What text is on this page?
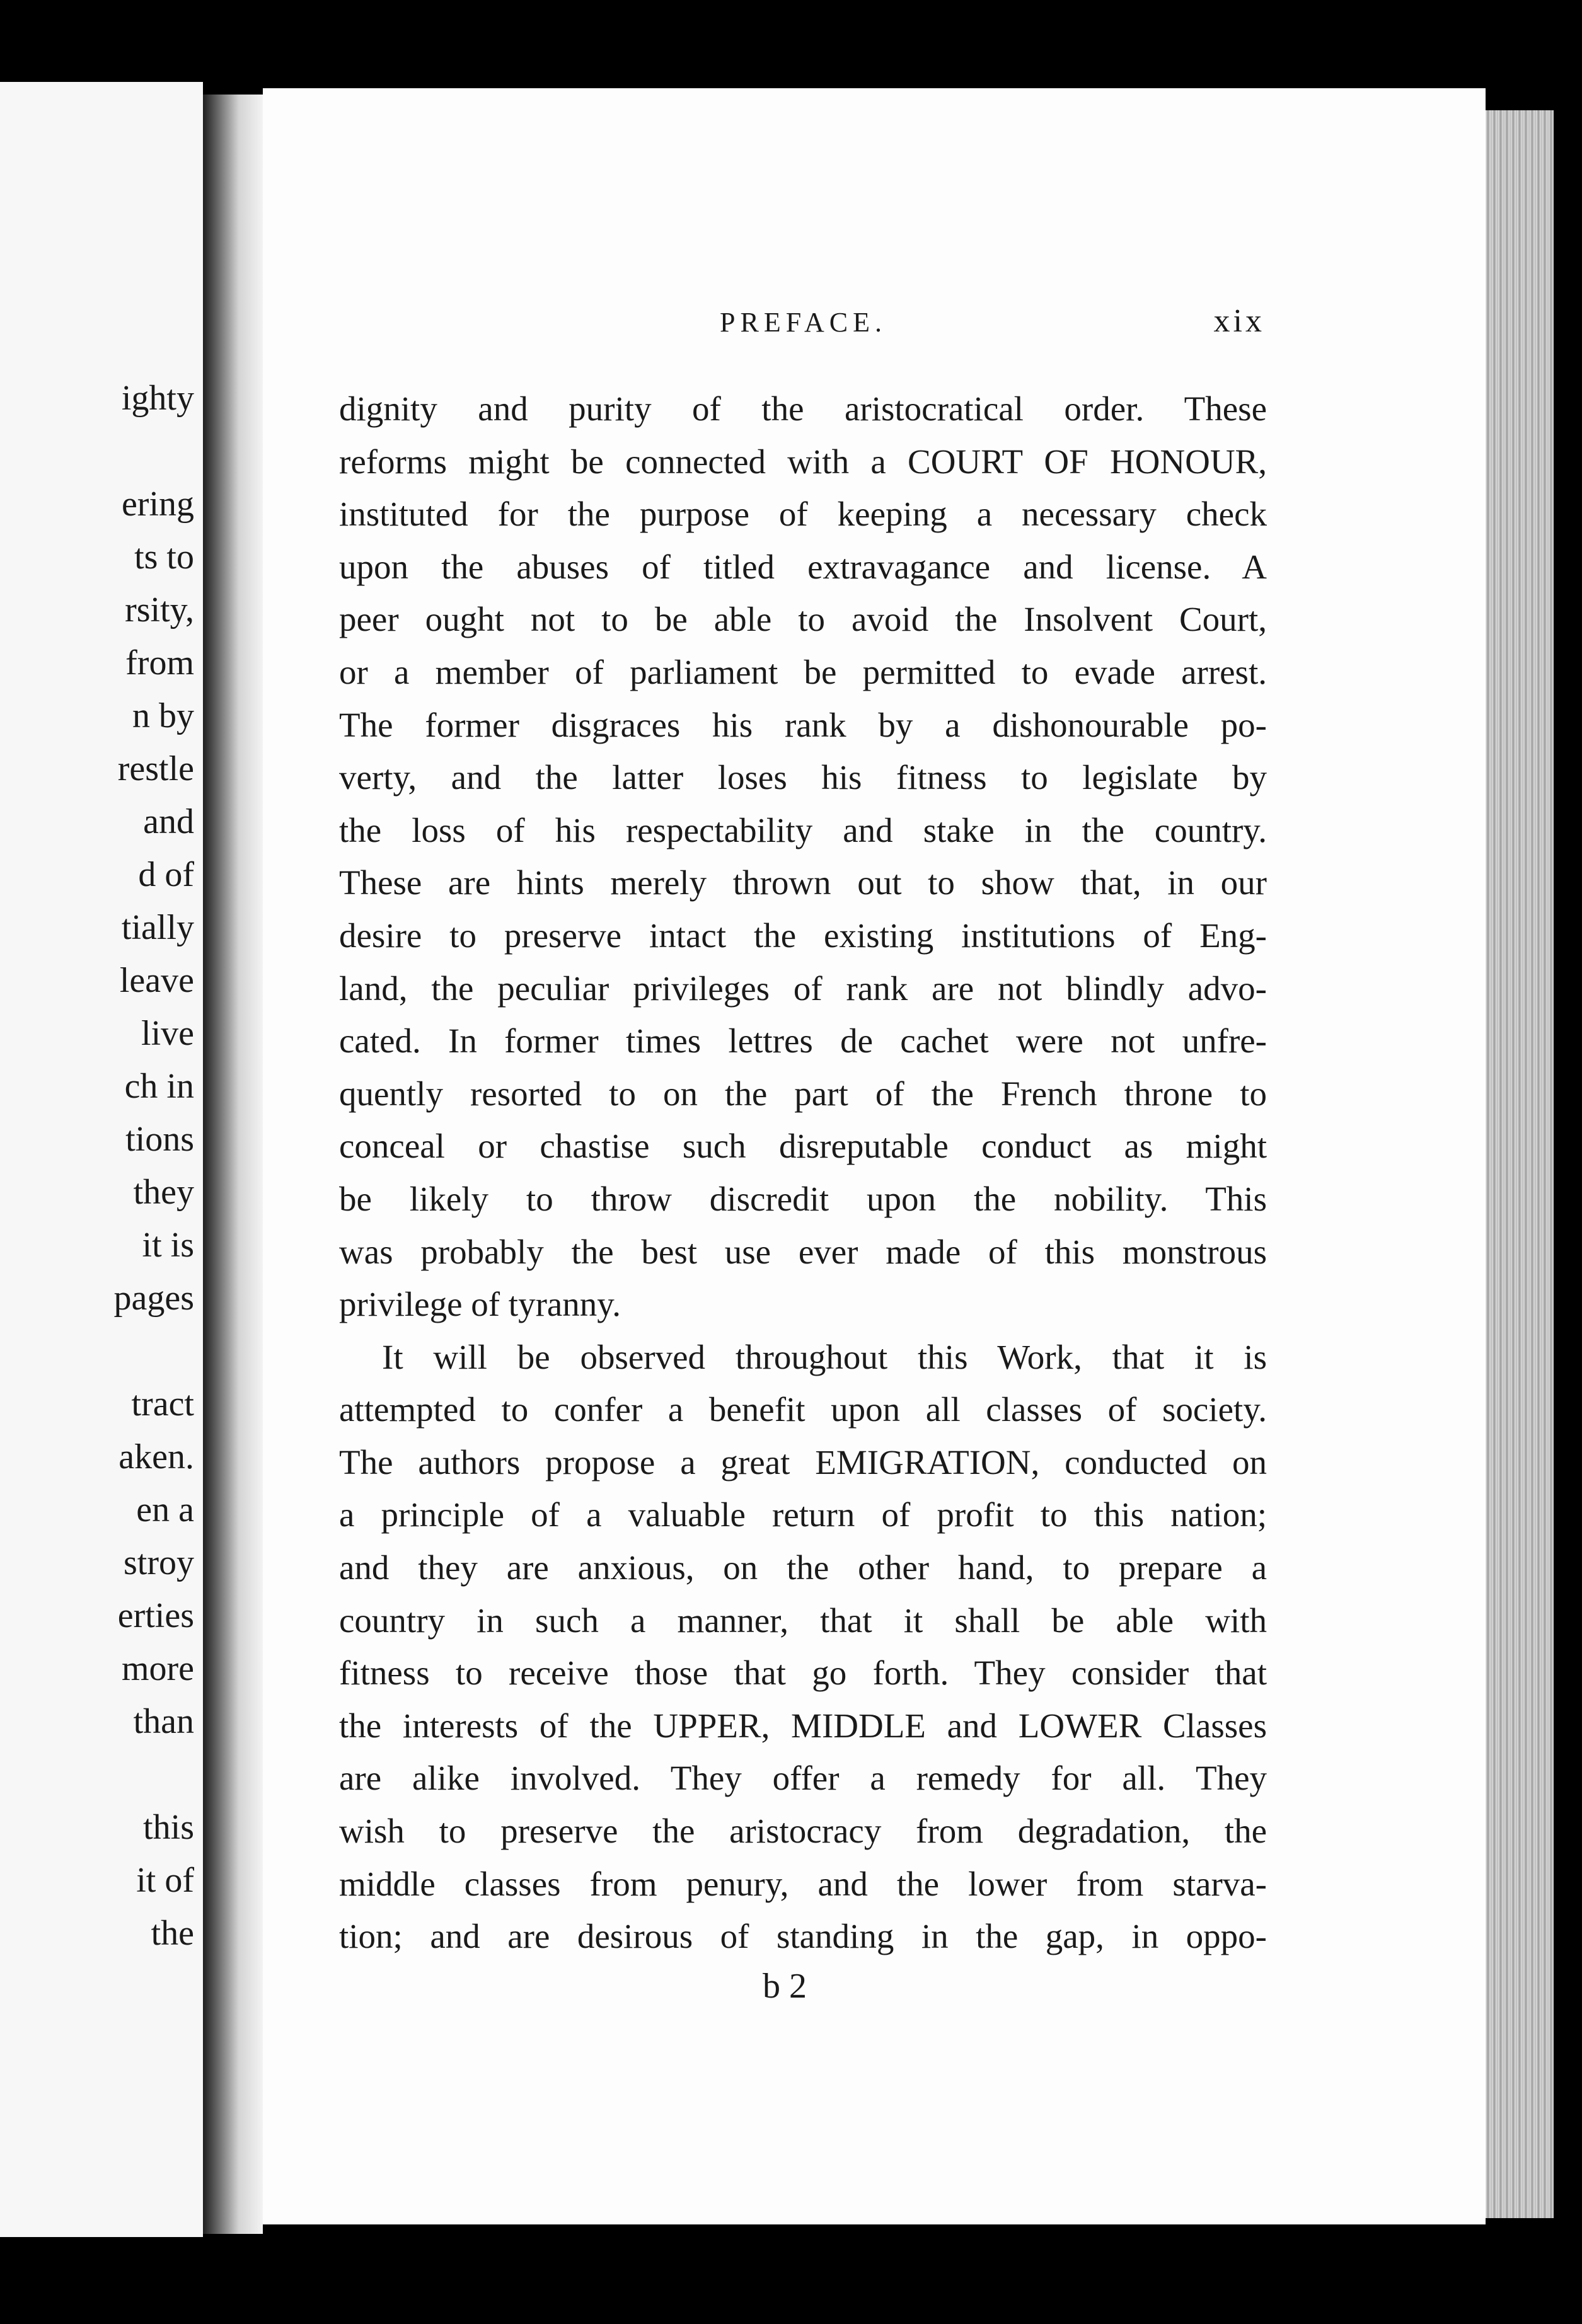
ighty
ering
ts to
rsity,
from
n by
restle
and
d of
tially
leave
live
ch in
tions
they
it is
pages
tract
aken.
en a
stroy
erties
more
than
this
it of
the
PREFACE.	xix
dignity and purity of the aristocratical order. These
reforms might be connected with a COURT OF HONOUR,
instituted for the purpose of keeping a necessary check
upon the abuses of titled extravagance and license. A
peer ought not to be able to avoid the Insolvent Court,
or a member of parliament be permitted to evade arrest.
The former disgraces his rank by a dishonourable po-
verty, and the latter loses his fitness to legislate by
the loss of his respectability and stake in the country.
These are hints merely thrown out to show that, in our
desire to preserve intact the existing institutions of Eng-
land, the peculiar privileges of rank are not blindly advo-
cated. In former times lettres de cachet were not unfre-
quently resorted to on the part of the French throne to
conceal or chastise such disreputable conduct as might
be likely to throw discredit upon the nobility. This
was probably the best use ever made of this monstrous
privilege of tyranny.
It will be observed throughout this Work, that it is
attempted to confer a benefit upon all classes of society.
The authors propose a great EMIGRATION, conducted on
a principle of a valuable return of profit to this nation;
and they are anxious, on the other hand, to prepare a
country in such a manner, that it shall be able with
fitness to receive those that go forth. They consider that
the interests of the UPPER, MIDDLE and LOWER Classes
are alike involved. They offer a remedy for all. They
wish to preserve the aristocracy from degradation, the
middle classes from penury, and the lower from starva-
tion; and are desirous of standing in the gap, in oppo-
b 2
